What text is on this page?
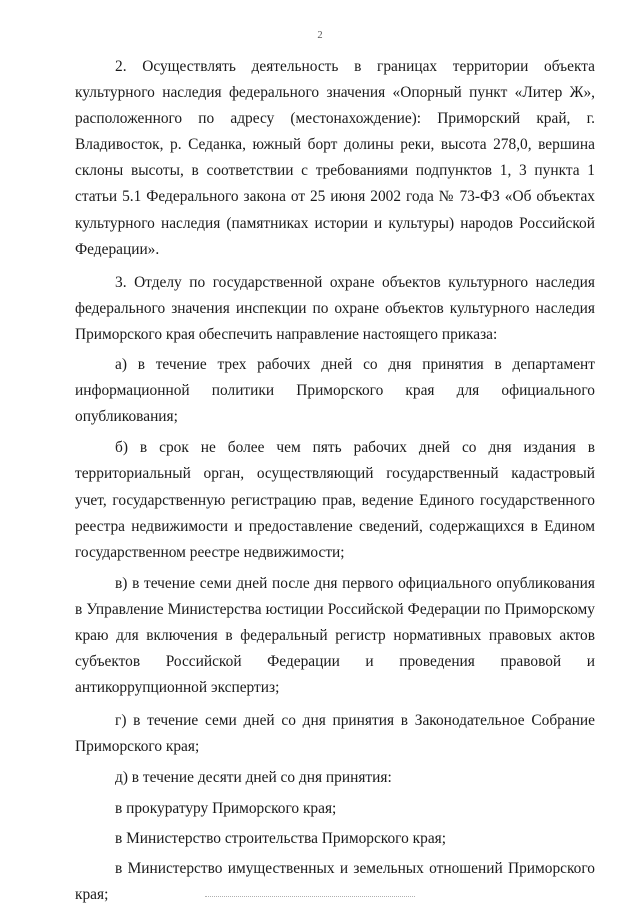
2

2. Осуществлять деятельность в границах территории объекта культурного наследия федерального значения «Опорный пункт «Литер Ж», расположенного по адресу (местонахождение): Приморский край, г. Владивосток, р. Седанка, южный борт долины реки, высота 278,0, вершина склоны высоты, в соответствии с требованиями подпунктов 1, 3 пункта 1 статьи 5.1 Федерального закона от 25 июня 2002 года № 73-ФЗ «Об объектах культурного наследия (памятниках истории и культуры) народов Российской Федерации».

3. Отделу по государственной охране объектов культурного наследия федерального значения инспекции по охране объектов культурного наследия Приморского края обеспечить направление настоящего приказа:

а) в течение трех рабочих дней со дня принятия в департамент информационной политики Приморского края для официального опубликования;

б) в срок не более чем пять рабочих дней со дня издания в территориальный орган, осуществляющий государственный кадастровый учет, государственную регистрацию прав, ведение Единого государственного реестра недвижимости и предоставление сведений, содержащихся в Едином государственном реестре недвижимости;

в) в течение семи дней после дня первого официального опубликования в Управление Министерства юстиции Российской Федерации по Приморскому краю для включения в федеральный регистр нормативных правовых актов субъектов Российской Федерации и проведения правовой и антикоррупционной экспертиз;

г) в течение семи дней со дня принятия в Законодательное Собрание Приморского края;

д) в течение десяти дней со дня принятия:

в прокуратуру Приморского края;

в Министерство строительства Приморского края;

в Министерство имущественных и земельных отношений Приморского края;
